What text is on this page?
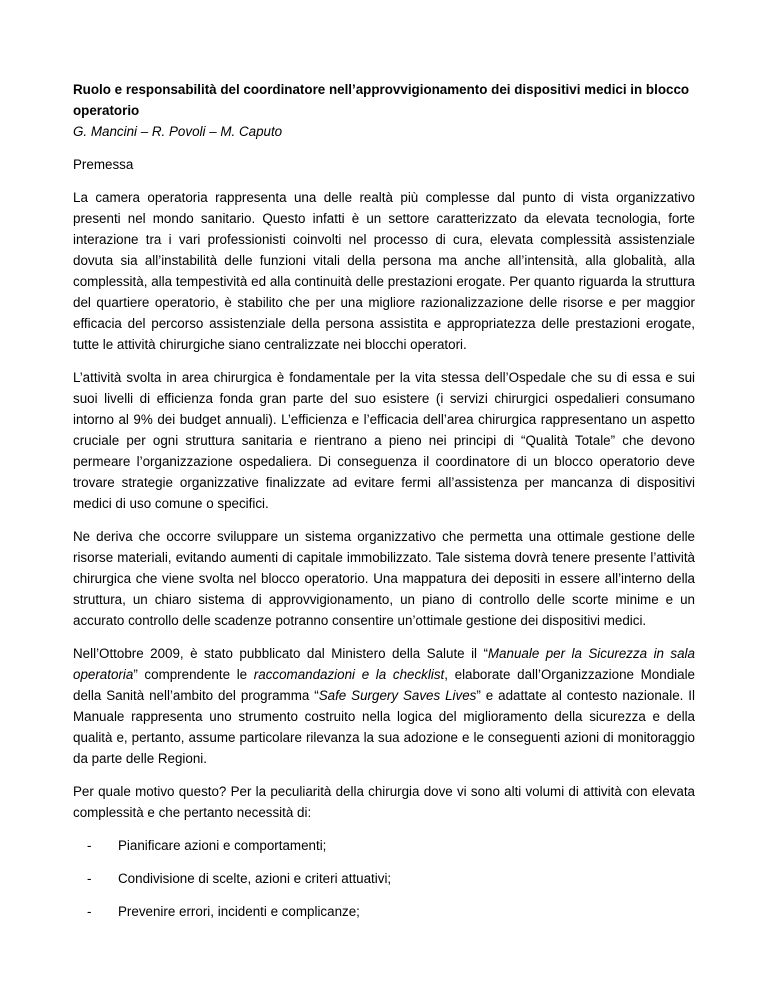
Ruolo e responsabilità del coordinatore nell’approvvigionamento dei dispositivi medici in blocco operatorio

G. Mancini – R. Povoli – M. Caputo

Premessa

La camera operatoria rappresenta una delle realtà più complesse dal punto di vista organizzativo presenti nel mondo sanitario. Questo infatti è un settore caratterizzato da elevata tecnologia, forte interazione tra i vari professionisti coinvolti nel processo di cura, elevata complessità assistenziale dovuta sia all’instabilità delle funzioni vitali della persona ma anche all’intensità, alla globalità, alla complessità, alla tempestività ed alla continuità delle prestazioni erogate. Per quanto riguarda la struttura del quartiere operatorio, è stabilito che per una migliore razionalizzazione delle risorse e per maggior efficacia del percorso assistenziale della persona assistita e appropriatezza delle prestazioni erogate, tutte le attività chirurgiche siano centralizzate nei blocchi operatori.

L’attività svolta in area chirurgica è fondamentale per la vita stessa dell’Ospedale che su di essa e sui suoi livelli di efficienza fonda gran parte del suo esistere (i servizi chirurgici ospedalieri consumano intorno al 9% dei budget annuali). L’efficienza e l’efficacia dell’area chirurgica rappresentano un aspetto cruciale per ogni struttura sanitaria e rientrano a pieno nei principi di “Qualità Totale” che devono permeare l’organizzazione ospedaliera. Di conseguenza il coordinatore di un blocco operatorio deve trovare strategie organizzative finalizzate ad evitare fermi all’assistenza per mancanza di dispositivi medici di uso comune o specifici.

Ne deriva che occorre sviluppare un sistema organizzativo che permetta una ottimale gestione delle risorse materiali, evitando aumenti di capitale immobilizzato. Tale sistema dovrà tenere presente l’attività chirurgica che viene svolta nel blocco operatorio. Una mappatura dei depositi in essere all’interno della struttura, un chiaro sistema di approvvigionamento, un piano di controllo delle scorte minime e un accurato controllo delle scadenze potranno consentire un’ottimale gestione dei dispositivi medici.

Nell’Ottobre 2009, è stato pubblicato dal Ministero della Salute il “Manuale per la Sicurezza in sala operatoria” comprendente le raccomandazioni e la checklist, elaborate dall’Organizzazione Mondiale della Sanità nell’ambito del programma “Safe Surgery Saves Lives” e adattate al contesto nazionale. Il Manuale rappresenta uno strumento costruito nella logica del miglioramento della sicurezza e della qualità e, pertanto, assume particolare rilevanza la sua adozione e le conseguenti azioni di monitoraggio da parte delle Regioni.

Per quale motivo questo? Per la peculiarità della chirurgia dove vi sono alti volumi di attività con elevata complessità e che pertanto necessità di:

- Pianificare azioni e comportamenti;
- Condivisione di scelte, azioni e criteri attuativi;
- Prevenire errori, incidenti e complicanze;
